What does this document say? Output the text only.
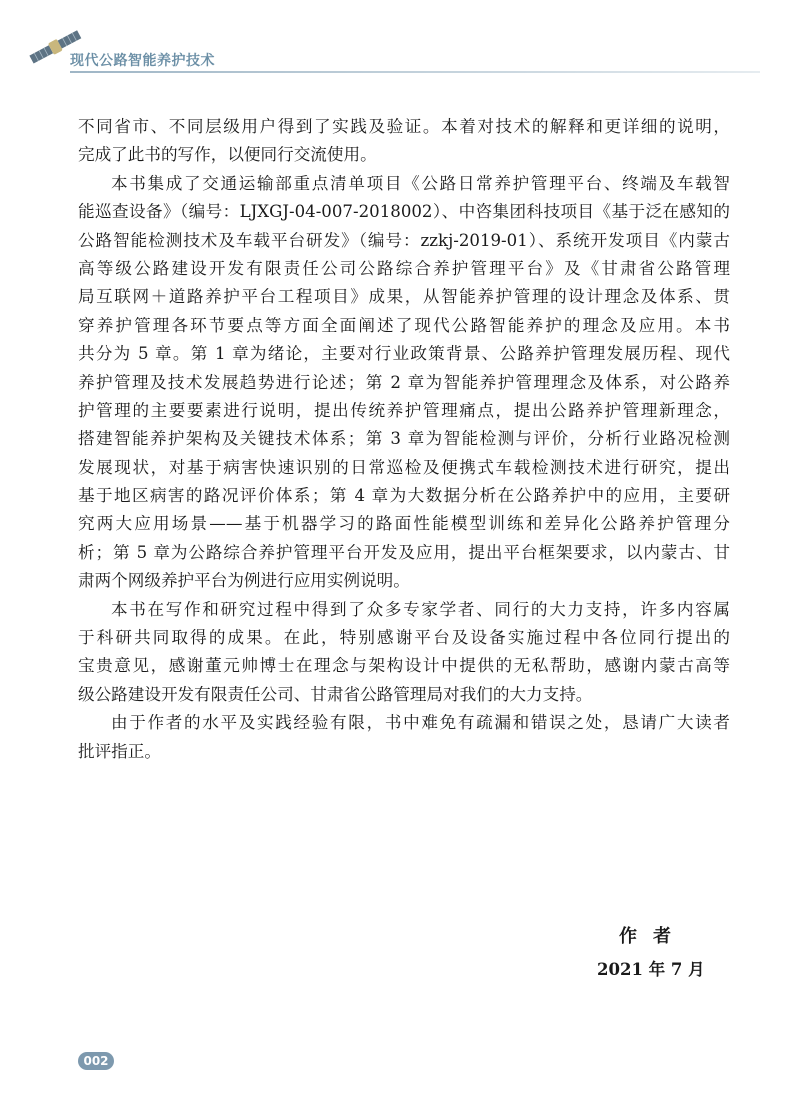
现代公路智能养护技术
不同省市、不同层级用户得到了实践及验证。本着对技术的解释和更详细的说明，
完成了此书的写作，以便同行交流使用。
本书集成了交通运输部重点清单项目《公路日常养护管理平台、终端及车载智
能巡查设备》（编号：LJXGJ-04-007-2018002）、中咨集团科技项目《基于泛在感知的
公路智能检测技术及车载平台研发》（编号：zzkj-2019-01）、系统开发项目《内蒙古
高等级公路建设开发有限责任公司公路综合养护管理平台》及《甘肃省公路管理
局互联网＋道路养护平台工程项目》成果，从智能养护管理的设计理念及体系、贯
穿养护管理各环节要点等方面全面阐述了现代公路智能养护的理念及应用。本书
共分为 5 章。第 1 章为绪论，主要对行业政策背景、公路养护管理发展历程、现代
养护管理及技术发展趋势进行论述；第 2 章为智能养护管理理念及体系，对公路养
护管理的主要要素进行说明，提出传统养护管理痛点，提出公路养护管理新理念，
搭建智能养护架构及关键技术体系；第 3 章为智能检测与评价，分析行业路况检测
发展现状，对基于病害快速识别的日常巡检及便携式车载检测技术进行研究，提出
基于地区病害的路况评价体系；第 4 章为大数据分析在公路养护中的应用，主要研
究两大应用场景——基于机器学习的路面性能模型训练和差异化公路养护管理分
析；第 5 章为公路综合养护管理平台开发及应用，提出平台框架要求，以内蒙古、甘
肃两个网级养护平台为例进行应用实例说明。
本书在写作和研究过程中得到了众多专家学者、同行的大力支持，许多内容属
于科研共同取得的成果。在此，特别感谢平台及设备实施过程中各位同行提出的
宝贵意见，感谢董元帅博士在理念与架构设计中提供的无私帮助，感谢内蒙古高等
级公路建设开发有限责任公司、甘肃省公路管理局对我们的大力支持。
由于作者的水平及实践经验有限，书中难免有疏漏和错误之处，恳请广大读者
批评指正。
作者
2021 年 7 月
002
